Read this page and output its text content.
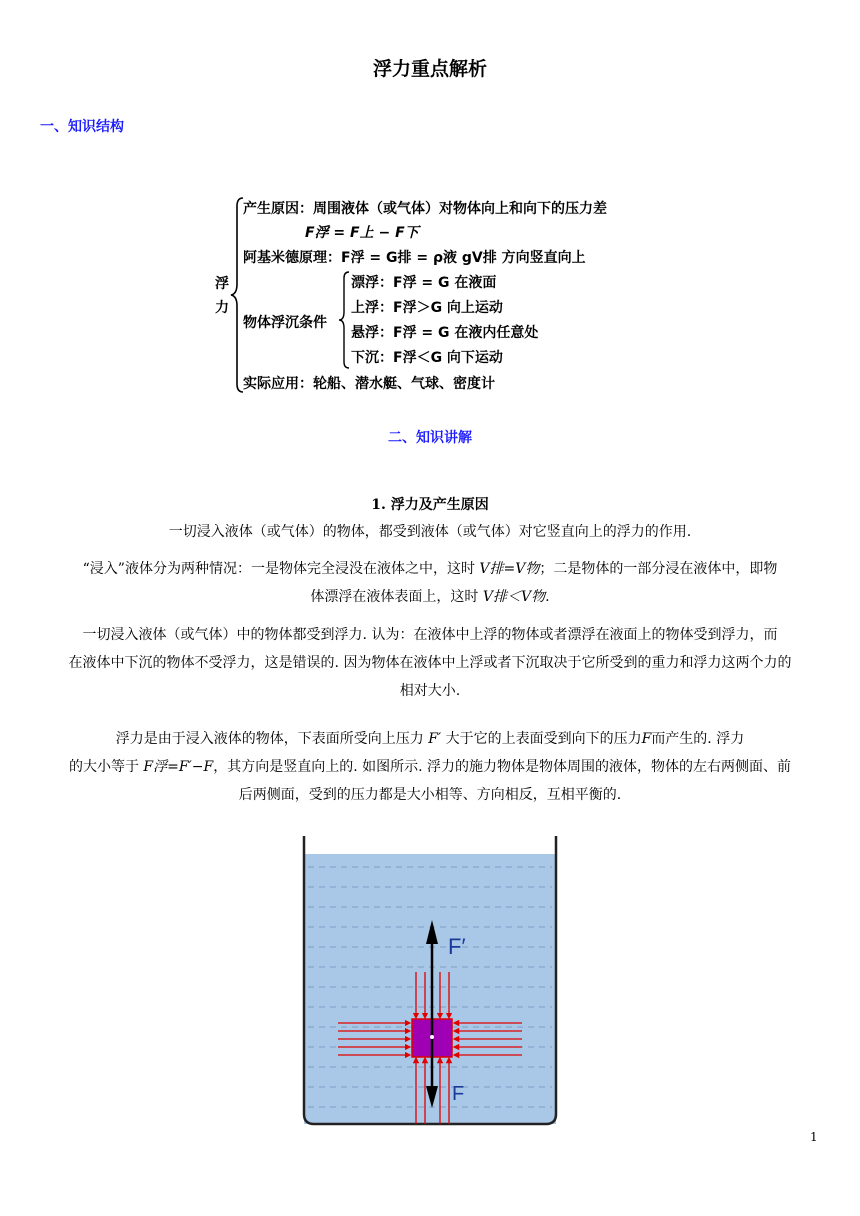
浮力重点解析
一、知识结构
浮力
产生原因：周围液体（或气体）对物体向上和向下的压力差
F浮 = F上 − F下
阿基米德原理：F浮 = G排 = ρ液 gV排 方向竖直向上
物体浮沉条件
漂浮：F浮 = G 在液面
上浮：F浮＞G 向上运动
悬浮：F浮 = G 在液内任意处
下沉：F浮＜G 向下运动
实际应用：轮船、潜水艇、气球、密度计
二、知识讲解
1. 浮力及产生原因
一切浸入液体（或气体）的物体，都受到液体（或气体）对它竖直向上的浮力的作用.
“浸入”液体分为两种情况：一是物体完全浸没在液体之中，这时 V排=V物；二是物体的一部分浸在液体中，即物
体漂浮在液体表面上，这时 V排＜V物.
一切浸入液体（或气体）中的物体都受到浮力. 认为：在液体中上浮的物体或者漂浮在液面上的物体受到浮力，而
在液体中下沉的物体不受浮力，这是错误的. 因为物体在液体中上浮或者下沉取决于它所受到的重力和浮力这两个力的
相对大小.
浮力是由于浸入液体的物体，下表面所受向上压力 F′ 大于它的上表面受到向下的压力F而产生的. 浮力
的大小等于 F浮=F′−F，其方向是竖直向上的. 如图所示. 浮力的施力物体是物体周围的液体，物体的左右两侧面、前
后两侧面，受到的压力都是大小相等、方向相反，互相平衡的.
F′
F
1
